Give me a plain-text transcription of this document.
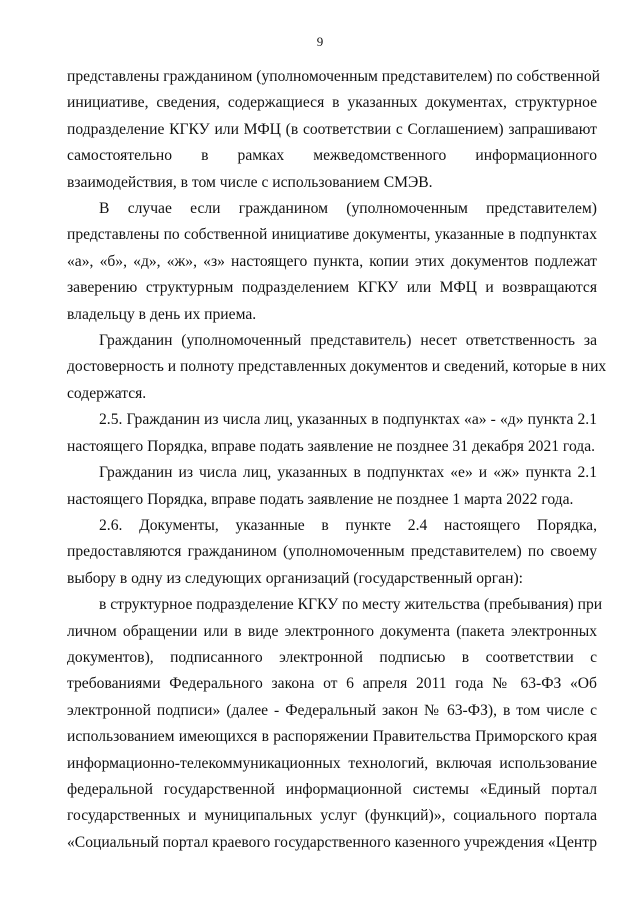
9
представлены гражданином (уполномоченным представителем) по собственной
инициативе, сведения, содержащиеся в указанных документах, структурное
подразделение КГКУ или МФЦ (в соответствии с Соглашением) запрашивают
самостоятельно в рамках межведомственного информационного
взаимодействия, в том числе с использованием СМЭВ.
В случае если гражданином (уполномоченным представителем)
представлены по собственной инициативе документы, указанные в подпунктах
«а», «б», «д», «ж», «з» настоящего пункта, копии этих документов подлежат
заверению структурным подразделением КГКУ или МФЦ и возвращаются
владельцу в день их приема.
Гражданин (уполномоченный представитель) несет ответственность за
достоверность и полноту представленных документов и сведений, которые в них
содержатся.
2.5. Гражданин из числа лиц, указанных в подпунктах «а» - «д» пункта 2.1
настоящего Порядка, вправе подать заявление не позднее 31 декабря 2021 года.
Гражданин из числа лиц, указанных в подпунктах «е» и «ж» пункта 2.1
настоящего Порядка, вправе подать заявление не позднее 1 марта 2022 года.
2.6. Документы, указанные в пункте 2.4 настоящего Порядка,
предоставляются гражданином (уполномоченным представителем) по своему
выбору в одну из следующих организаций (государственный орган):
в структурное подразделение КГКУ по месту жительства (пребывания) при
личном обращении или в виде электронного документа (пакета электронных
документов), подписанного электронной подписью в соответствии с
требованиями Федерального закона от 6 апреля 2011 года № 63-ФЗ «Об
электронной подписи» (далее - Федеральный закон № 63-ФЗ), в том числе с
использованием имеющихся в распоряжении Правительства Приморского края
информационно-телекоммуникационных технологий, включая использование
федеральной государственной информационной системы «Единый портал
государственных и муниципальных услуг (функций)», социального портала
«Социальный портал краевого государственного казенного учреждения «Центр
